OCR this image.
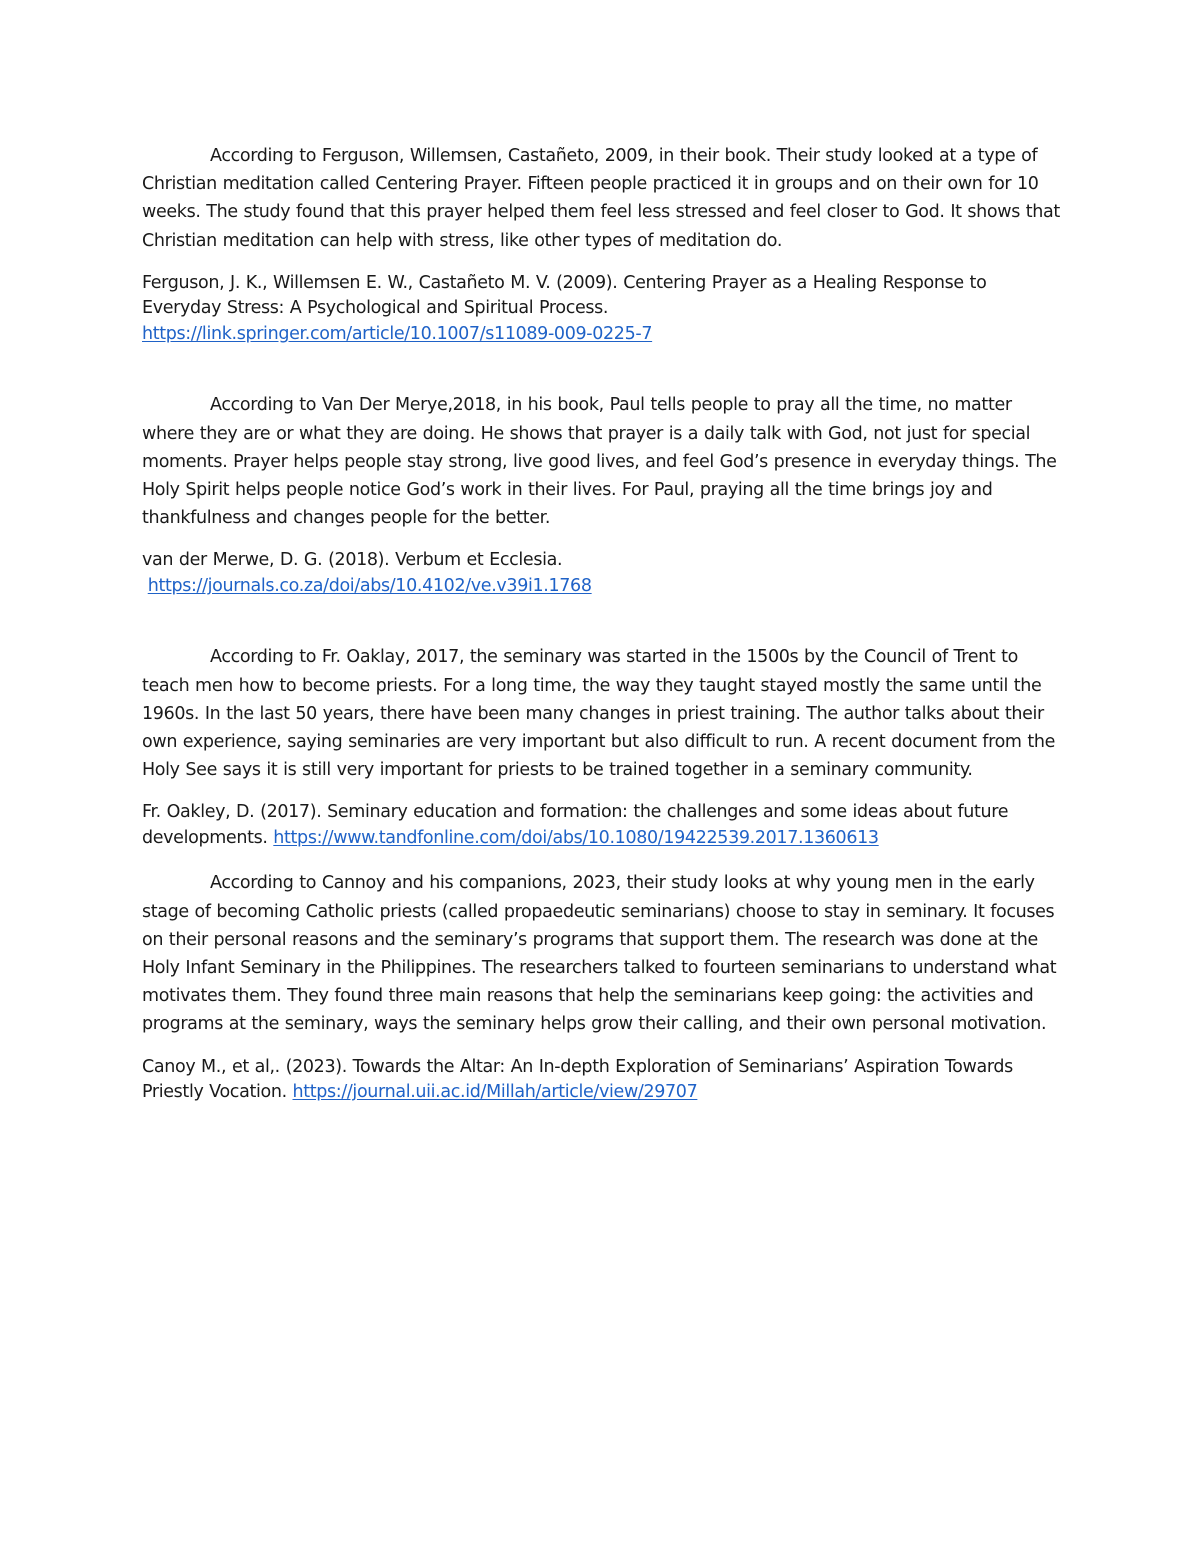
According to Ferguson, Willemsen, Castañeto, 2009, in their book. Their study looked at a type of Christian meditation called Centering Prayer. Fifteen people practiced it in groups and on their own for 10 weeks. The study found that this prayer helped them feel less stressed and feel closer to God. It shows that Christian meditation can help with stress, like other types of meditation do.

Ferguson, J. K., Willemsen E. W., Castañeto M. V. (2009). Centering Prayer as a Healing Response to Everyday Stress: A Psychological and Spiritual Process.
https://link.springer.com/article/10.1007/s11089-009-0225-7

According to Van Der Merye,2018, in his book, Paul tells people to pray all the time, no matter where they are or what they are doing. He shows that prayer is a daily talk with God, not just for special moments. Prayer helps people stay strong, live good lives, and feel God’s presence in everyday things. The Holy Spirit helps people notice God’s work in their lives. For Paul, praying all the time brings joy and thankfulness and changes people for the better.

van der Merwe, D. G. (2018). Verbum et Ecclesia.
https://journals.co.za/doi/abs/10.4102/ve.v39i1.1768

According to Fr. Oaklay, 2017, the seminary was started in the 1500s by the Council of Trent to teach men how to become priests. For a long time, the way they taught stayed mostly the same until the 1960s. In the last 50 years, there have been many changes in priest training. The author talks about their own experience, saying seminaries are very important but also difficult to run. A recent document from the Holy See says it is still very important for priests to be trained together in a seminary community.

Fr. Oakley, D. (2017). Seminary education and formation: the challenges and some ideas about future developments. https://www.tandfonline.com/doi/abs/10.1080/19422539.2017.1360613

According to Cannoy and his companions, 2023, their study looks at why young men in the early stage of becoming Catholic priests (called propaedeutic seminarians) choose to stay in seminary. It focuses on their personal reasons and the seminary’s programs that support them. The research was done at the Holy Infant Seminary in the Philippines. The researchers talked to fourteen seminarians to understand what motivates them. They found three main reasons that help the seminarians keep going: the activities and programs at the seminary, ways the seminary helps grow their calling, and their own personal motivation.

Canoy M., et al,. (2023). Towards the Altar: An In-depth Exploration of Seminarians’ Aspiration Towards Priestly Vocation. https://journal.uii.ac.id/Millah/article/view/29707
